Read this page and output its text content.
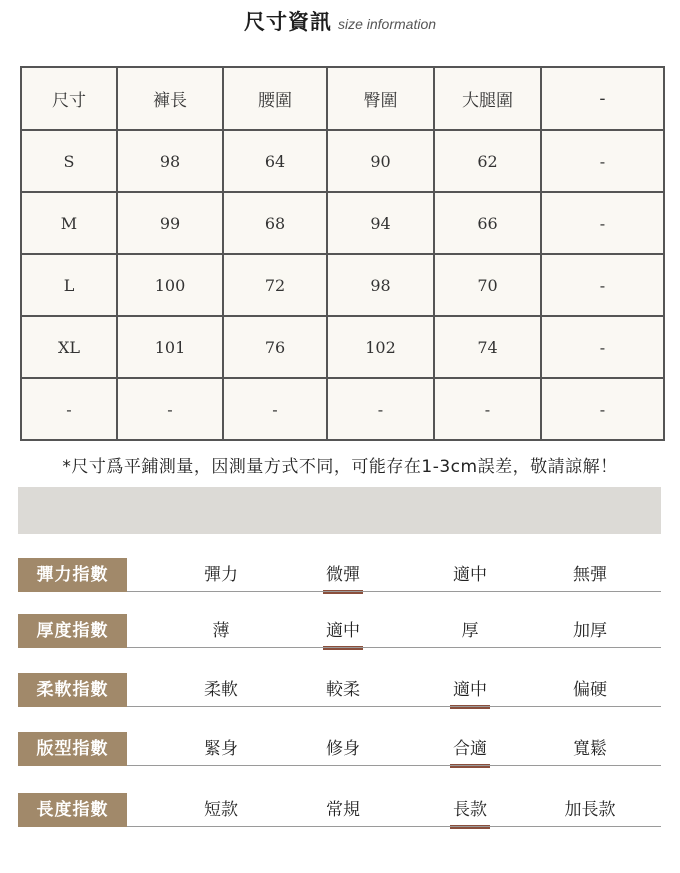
尺寸資訊 size information
尺寸	褲長	腰圍	臀圍	大腿圍	-
S	98	64	90	62	-
M	99	68	94	66	-
L	100	72	98	70	-
XL	101	76	102	74	-
-	-	-	-	-	-
*尺寸爲平鋪測量，因測量方式不同，可能存在1-3cm誤差，敬請諒解！
彈力指數	彈力	微彈	適中	無彈
厚度指數	薄	適中	厚	加厚
柔軟指數	柔軟	較柔	適中	偏硬
版型指數	緊身	修身	合適	寬鬆
長度指數	短款	常規	長款	加長款
